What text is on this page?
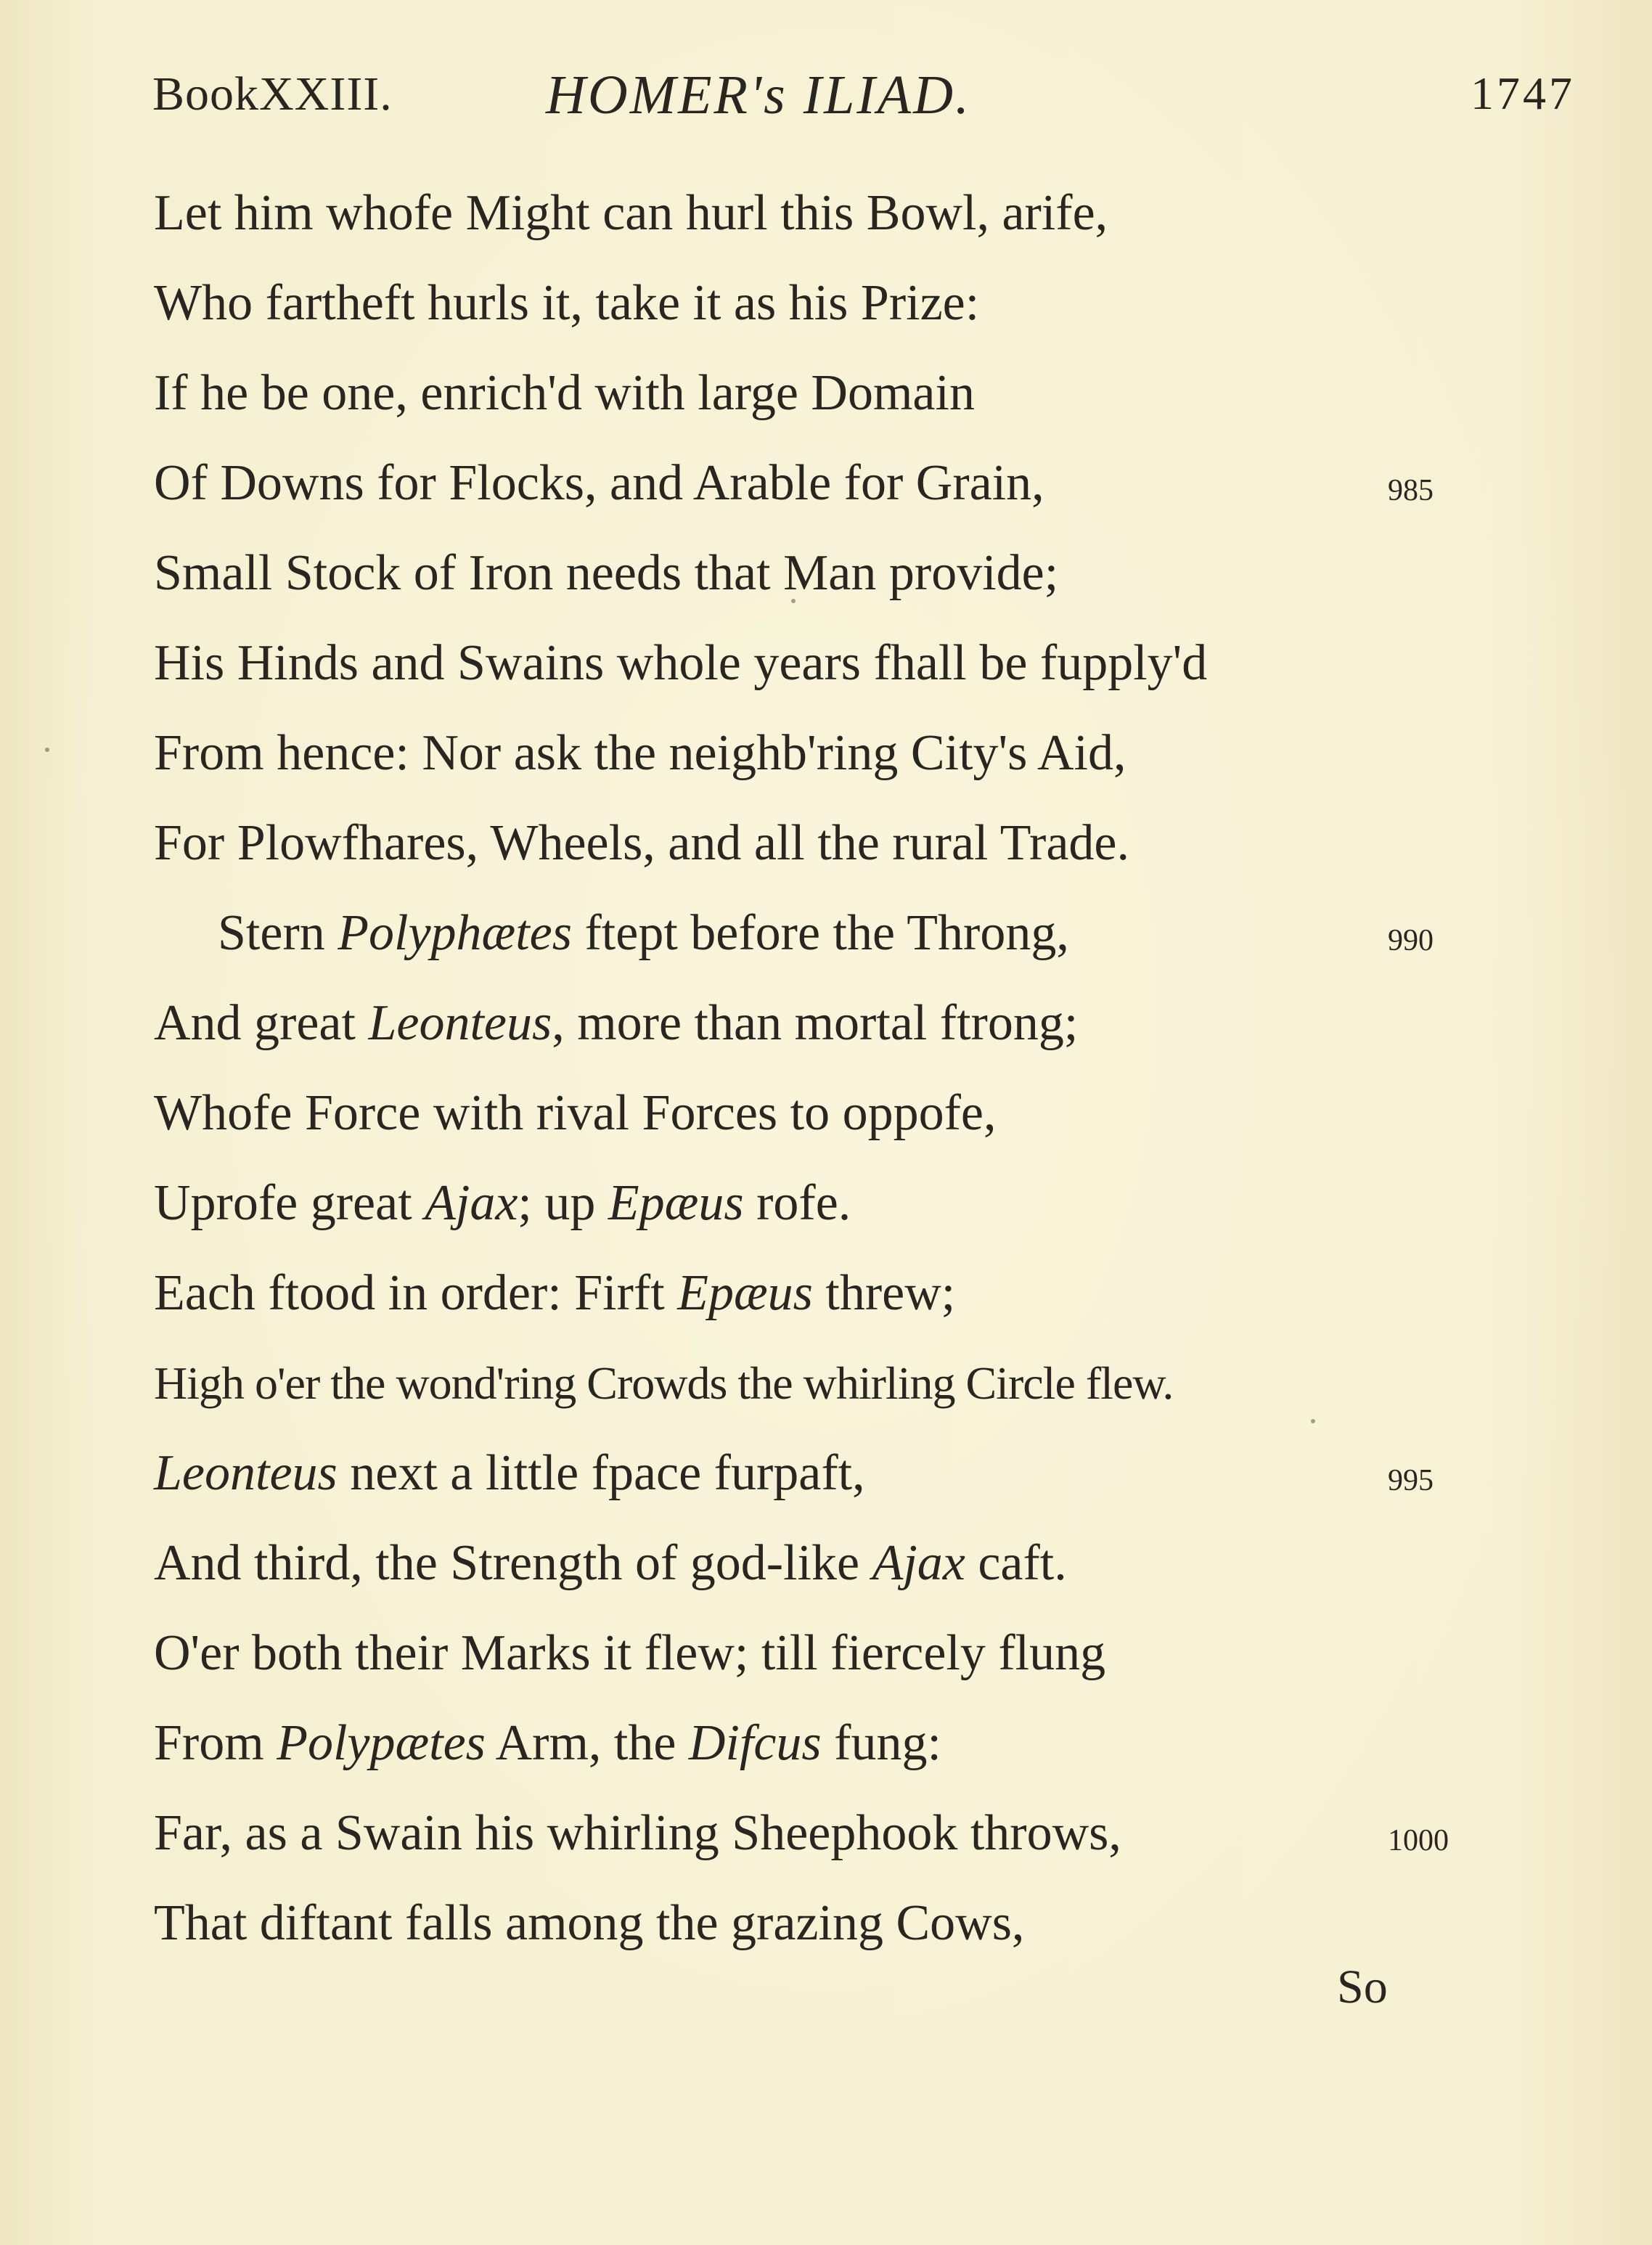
BookXXIII.	HOMER's ILIAD.	1747
Let him whofe Might can hurl this Bowl, arife,
Who fartheft hurls it, take it as his Prize:
If he be one, enrich'd with large Domain
Of Downs for Flocks, and Arable for Grain,	985
Small Stock of Iron needs that Man provide;
His Hinds and Swains whole years fhall be fupply'd
From hence: Nor ask the neighb'ring City's Aid,
For Plowfhares, Wheels, and all the rural Trade.
Stern Polyphætes ftept before the Throng,	990
And great Leonteus, more than mortal ftrong;
Whofe Force with rival Forces to oppofe,
Uprofe great Ajax; up Epæus rofe.
Each ftood in order: Firft Epæus threw;
High o'er the wond'ring Crowds the whirling Circle flew.
Leonteus next a little fpace furpaft,	995
And third, the Strength of god-like Ajax caft.
O'er both their Marks it flew; till fiercely flung
From Polypætes Arm, the Difcus fung:
Far, as a Swain his whirling Sheephook throws,	1000
That diftant falls among the grazing Cows,
So
